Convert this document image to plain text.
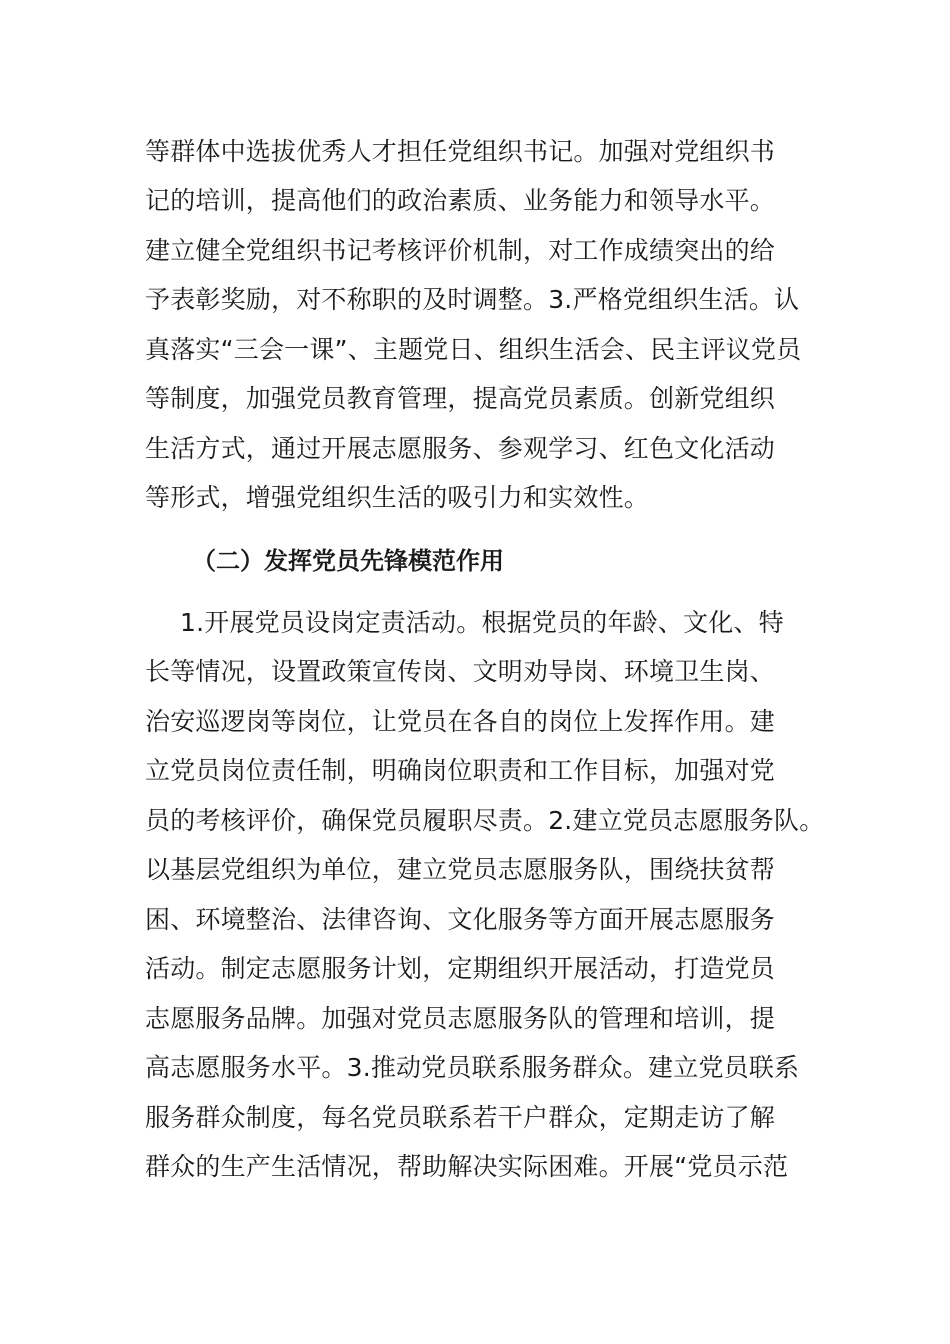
等群体中选拔优秀人才担任党组织书记。加强对党组织书
记的培训，提高他们的政治素质、业务能力和领导水平。
建立健全党组织书记考核评价机制，对工作成绩突出的给
予表彰奖励，对不称职的及时调整。3.严格党组织生活。认
真落实“三会一课”、主题党日、组织生活会、民主评议党员
等制度，加强党员教育管理，提高党员素质。创新党组织
生活方式，通过开展志愿服务、参观学习、红色文化活动
等形式，增强党组织生活的吸引力和实效性。
（二）发挥党员先锋模范作用
1.开展党员设岗定责活动。根据党员的年龄、文化、特
长等情况，设置政策宣传岗、文明劝导岗、环境卫生岗、
治安巡逻岗等岗位，让党员在各自的岗位上发挥作用。建
立党员岗位责任制，明确岗位职责和工作目标，加强对党
员的考核评价，确保党员履职尽责。2.建立党员志愿服务队。
以基层党组织为单位，建立党员志愿服务队，围绕扶贫帮
困、环境整治、法律咨询、文化服务等方面开展志愿服务
活动。制定志愿服务计划，定期组织开展活动，打造党员
志愿服务品牌。加强对党员志愿服务队的管理和培训，提
高志愿服务水平。3.推动党员联系服务群众。建立党员联系
服务群众制度，每名党员联系若干户群众，定期走访了解
群众的生产生活情况，帮助解决实际困难。开展“党员示范
